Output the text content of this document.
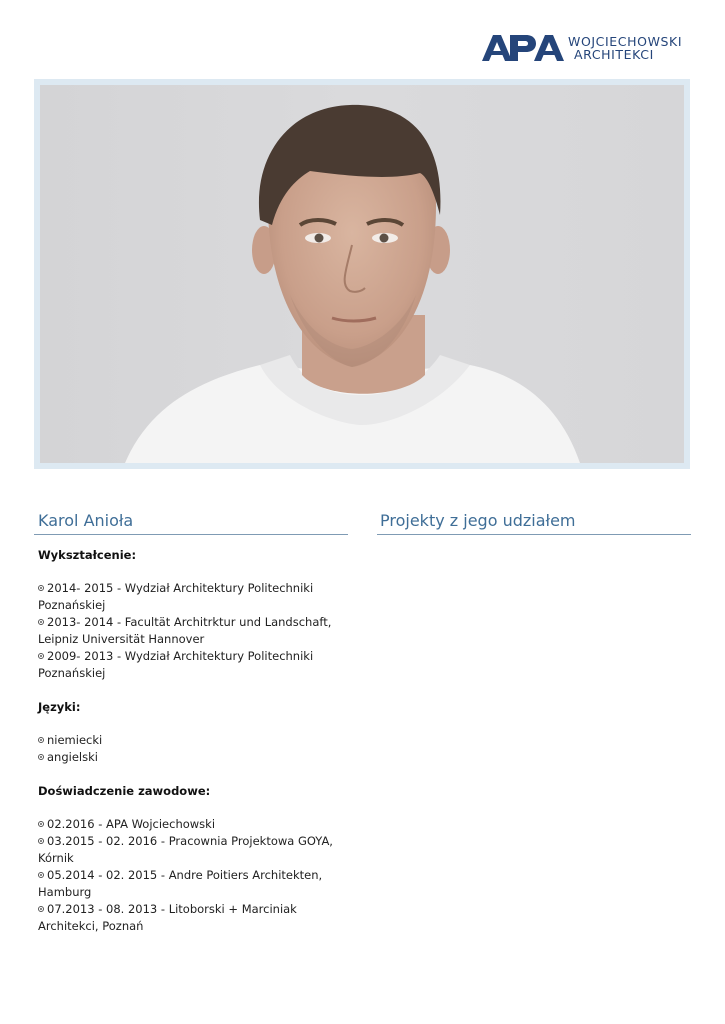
WOJCIECHOWSKI
ARCHITEKCI
Karol Anioła
Wykształcenie:
2014- 2015 - Wydział Architektury Politechniki Poznańskiej
2013- 2014 - Facultät Architrktur und Landschaft, Leipniz Universität Hannover
2009- 2013 - Wydział Architektury Politechniki Poznańskiej
Języki:
niemiecki
angielski
Doświadczenie zawodowe:
02.2016 - APA Wojciechowski
03.2015 - 02. 2016 - Pracownia Projektowa GOYA, Kórnik
05.2014 - 02. 2015 - Andre Poitiers Architekten, Hamburg
07.2013 - 08. 2013 - Litoborski + Marciniak Architekci, Poznań
Projekty z jego udziałem
